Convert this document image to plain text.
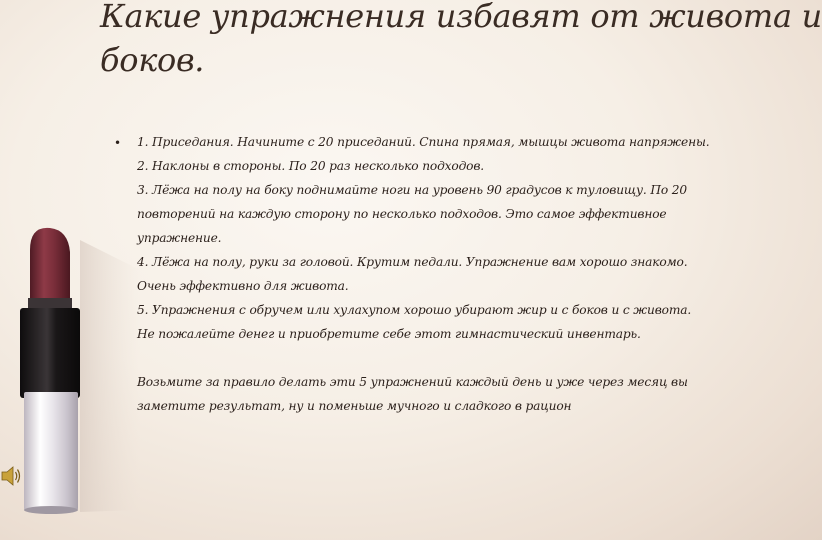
Какие упражнения избавят от живота и
боков.
• 1. Приседания. Начините с 20 приседаний. Спина прямая, мышцы живота напряжены.
2. Наклоны в стороны. По 20 раз несколько подходов.
3. Лёжа на полу на боку поднимайте ноги на уровень 90 градусов к туловищу. По 20
повторений на каждую сторону по несколько подходов. Это самое эффективное
упражнение.
4. Лёжа на полу, руки за головой. Крутим педали. Упражнение вам хорошо знакомо.
Очень эффективно для живота.
5. Упражнения с обручем или хулахупом хорошо убирают жир и с боков и с живота.
Не пожалейте денег и приобретите себе этот гимнастический инвентарь.
Возьмите за правило делать эти 5 упражнений каждый день и уже через месяц вы
заметите результат, ну и поменьше мучного и сладкого в рацион
